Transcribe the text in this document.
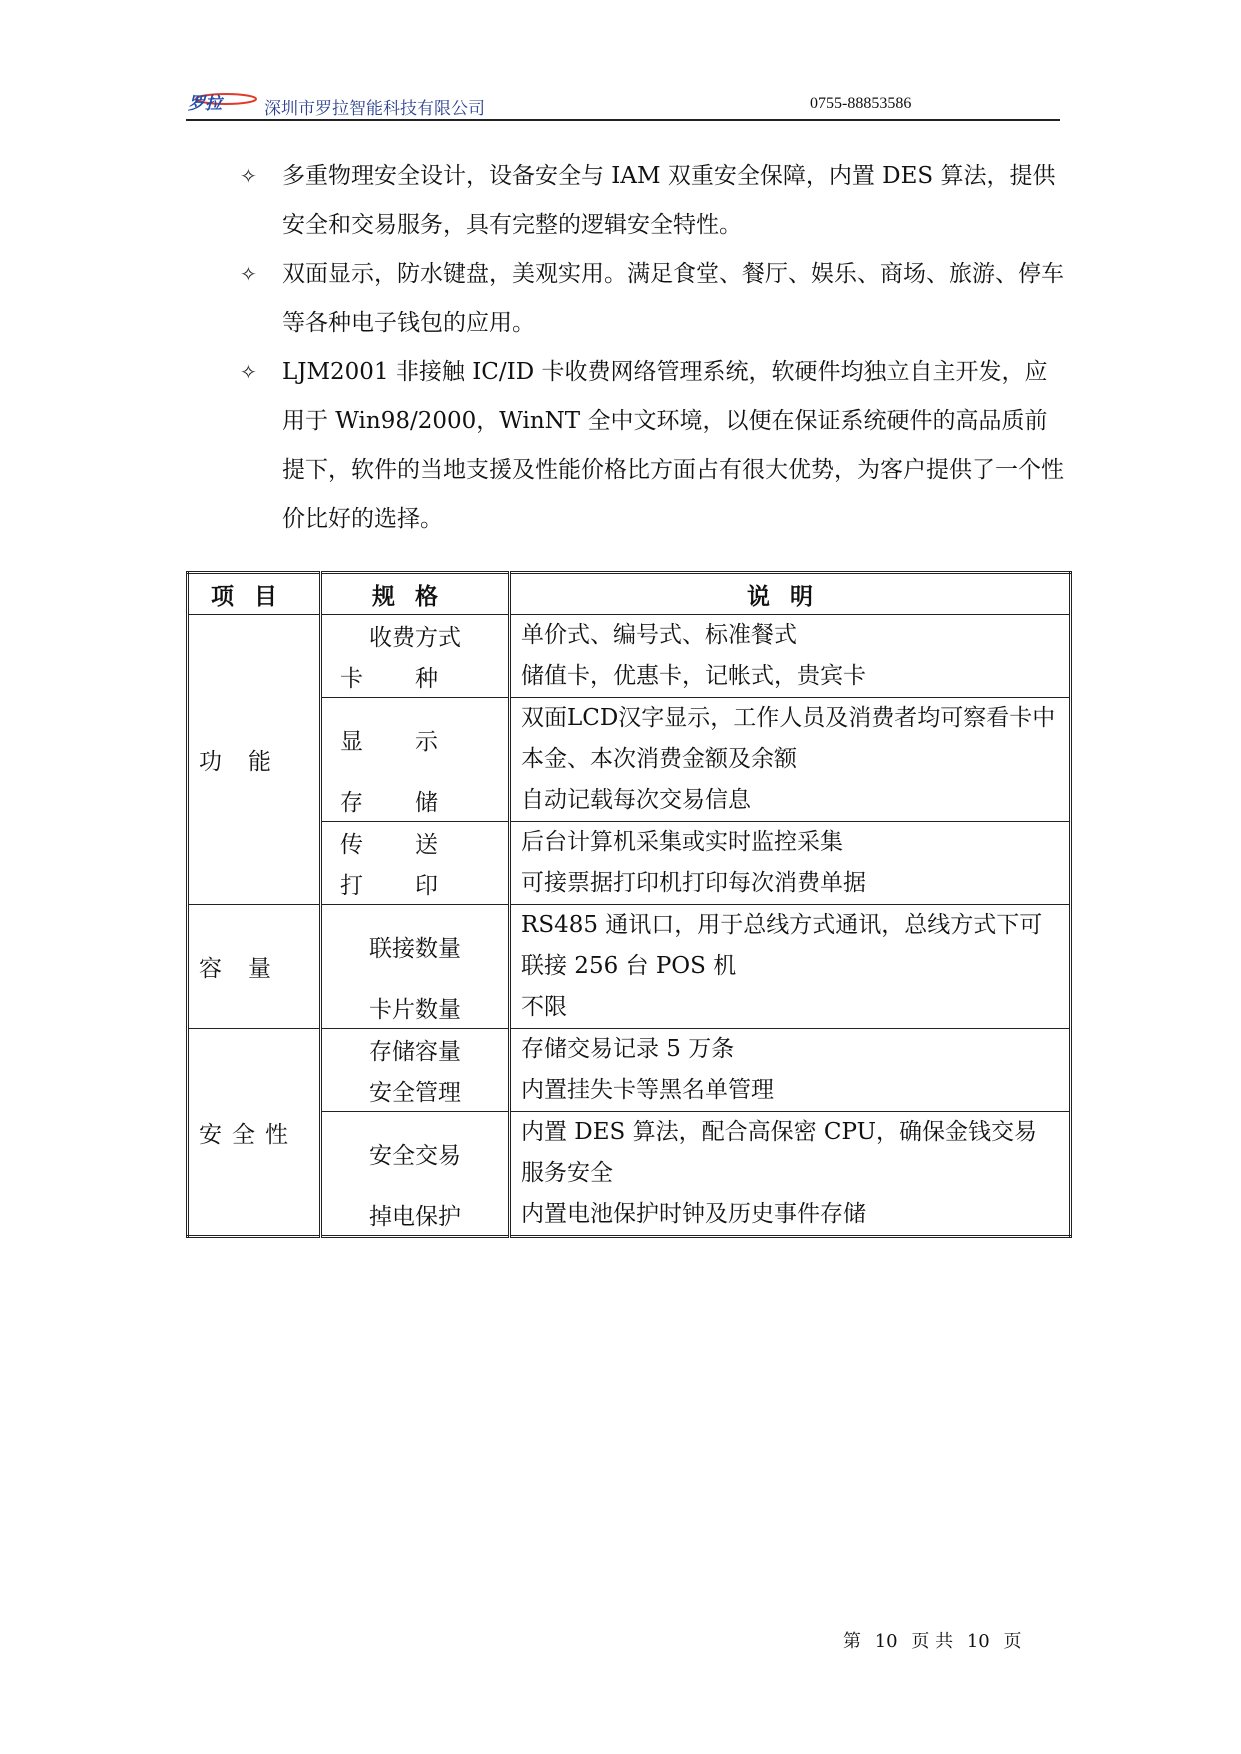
罗拉 深圳市罗拉智能科技有限公司	0755-88853586
✧ 多重物理安全设计，设备安全与 IAM 双重安全保障，内置 DES 算法，提供安全和交易服务，具有完整的逻辑安全特性。
✧ 双面显示，防水键盘，美观实用。满足食堂、餐厅、娱乐、商场、旅游、停车等各种电子钱包的应用。
✧ LJM2001 非接触 IC/ID 卡收费网络管理系统，软硬件均独立自主开发，应用于 Win98/2000，WinNT 全中文环境，以便在保证系统硬件的高品质前提下，软件的当地支援及性能价格比方面占有很大优势，为客户提供了一个性价比好的选择。
项目	规格	说明
功能	收费方式	单价式、编号式、标准餐式
	卡种	储值卡，优惠卡，记帐式，贵宾卡
	显示	双面LCD汉字显示，工作人员及消费者均可察看卡中本金、本次消费金额及余额
	存储	自动记载每次交易信息
	传送	后台计算机采集或实时监控采集
	打印	可接票据打印机打印每次消费单据
容量	联接数量	RS485 通讯口，用于总线方式通讯，总线方式下可联接 256 台 POS 机
	卡片数量	不限
安全性	存储容量	存储交易记录 5 万条
	安全管理	内置挂失卡等黑名单管理
	安全交易	内置 DES 算法，配合高保密 CPU，确保金钱交易服务安全
	掉电保护	内置电池保护时钟及历史事件存储
第 10 页 共 10 页
